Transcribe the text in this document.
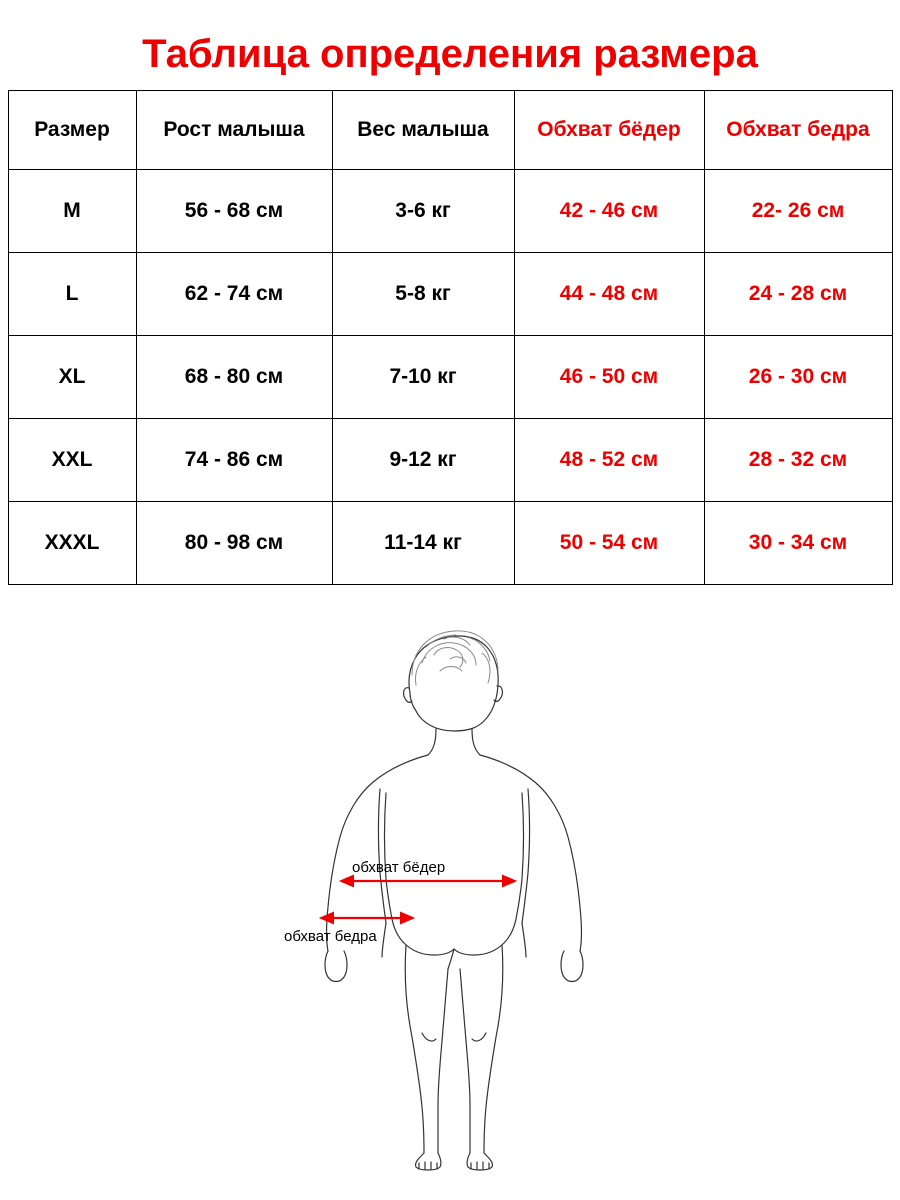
Таблица определения размера
Размер	Рост малыша	Вес малыша	Обхват бёдер	Обхват бедра
M	56 - 68 см	3-6 кг	42 - 46 см	22- 26 см
L	62 - 74 см	5-8 кг	44 - 48 см	24 - 28 см
XL	68 - 80 см	7-10 кг	46 - 50 см	26 - 30 см
XXL	74 - 86 см	9-12 кг	48 - 52 см	28 - 32 см
XXXL	80 - 98 см	11-14 кг	50 - 54 см	30 - 34 см
обхват бёдер
обхват бедра
